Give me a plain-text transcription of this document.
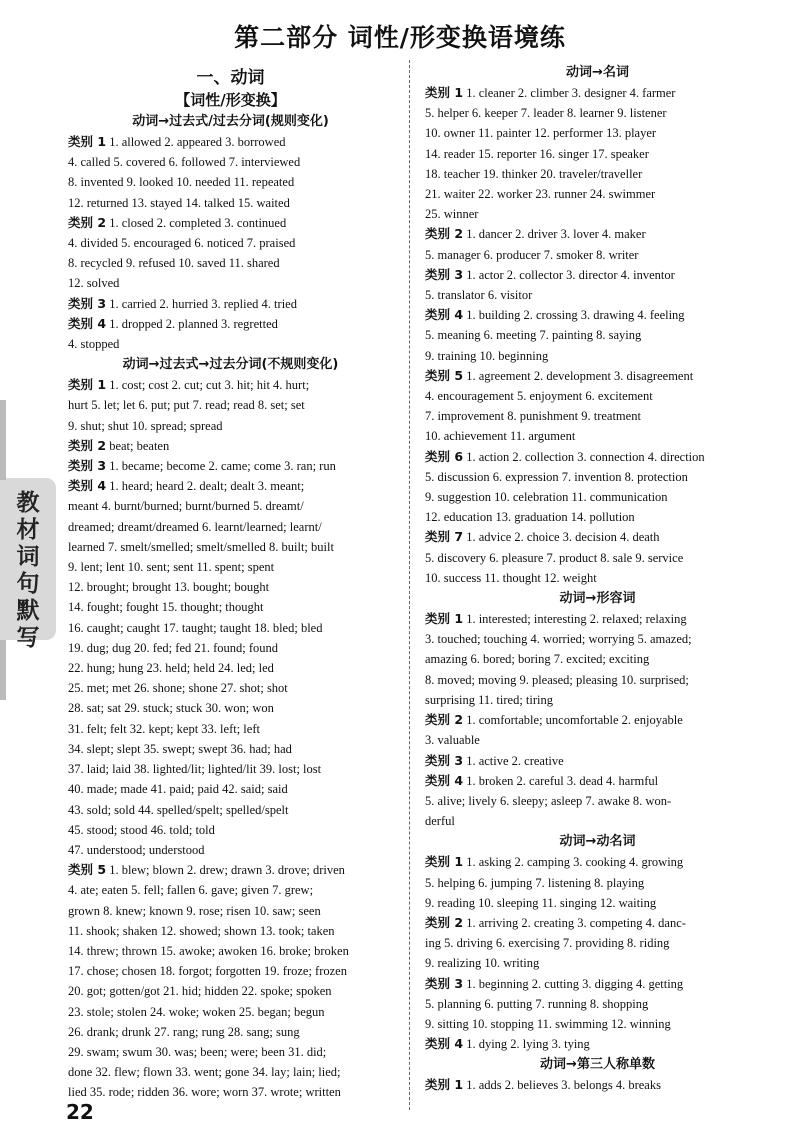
第二部分 词性/形变换语境练
教材词句默写
一、动词
【词性/形变换】
动词→过去式/过去分词(规则变化)
类别 1 1. allowed 2. appeared 3. borrowed
4. called 5. covered 6. followed 7. interviewed
8. invented 9. looked 10. needed 11. repeated
12. returned 13. stayed 14. talked 15. waited
类别 2 1. closed 2. completed 3. continued
4. divided 5. encouraged 6. noticed 7. praised
8. recycled 9. refused 10. saved 11. shared
12. solved
类别 3 1. carried 2. hurried 3. replied 4. tried
类别 4 1. dropped 2. planned 3. regretted
4. stopped
动词→过去式→过去分词(不规则变化)
类别 1 1. cost; cost 2. cut; cut 3. hit; hit 4. hurt;
hurt 5. let; let 6. put; put 7. read; read 8. set; set
9. shut; shut 10. spread; spread
类别 2 beat; beaten
类别 3 1. became; become 2. came; come 3. ran; run
类别 4 1. heard; heard 2. dealt; dealt 3. meant;
meant 4. burnt/burned; burnt/burned 5. dreamt/
dreamed; dreamt/dreamed 6. learnt/learned; learnt/
learned 7. smelt/smelled; smelt/smelled 8. built; built
9. lent; lent 10. sent; sent 11. spent; spent
12. brought; brought 13. bought; bought
14. fought; fought 15. thought; thought
16. caught; caught 17. taught; taught 18. bled; bled
19. dug; dug 20. fed; fed 21. found; found
22. hung; hung 23. held; held 24. led; led
25. met; met 26. shone; shone 27. shot; shot
28. sat; sat 29. stuck; stuck 30. won; won
31. felt; felt 32. kept; kept 33. left; left
34. slept; slept 35. swept; swept 36. had; had
37. laid; laid 38. lighted/lit; lighted/lit 39. lost; lost
40. made; made 41. paid; paid 42. said; said
43. sold; sold 44. spelled/spelt; spelled/spelt
45. stood; stood 46. told; told
47. understood; understood
类别 5 1. blew; blown 2. drew; drawn 3. drove; driven
4. ate; eaten 5. fell; fallen 6. gave; given 7. grew;
grown 8. knew; known 9. rose; risen 10. saw; seen
11. shook; shaken 12. showed; shown 13. took; taken
14. threw; thrown 15. awoke; awoken 16. broke; broken
17. chose; chosen 18. forgot; forgotten 19. froze; frozen
20. got; gotten/got 21. hid; hidden 22. spoke; spoken
23. stole; stolen 24. woke; woken 25. began; begun
26. drank; drunk 27. rang; rung 28. sang; sung
29. swam; swum 30. was; been; were; been 31. did;
done 32. flew; flown 33. went; gone 34. lay; lain; lied;
lied 35. rode; ridden 36. wore; worn 37. wrote; written
动词→名词
类别 1 1. cleaner 2. climber 3. designer 4. farmer
5. helper 6. keeper 7. leader 8. learner 9. listener
10. owner 11. painter 12. performer 13. player
14. reader 15. reporter 16. singer 17. speaker
18. teacher 19. thinker 20. traveler/traveller
21. waiter 22. worker 23. runner 24. swimmer
25. winner
类别 2 1. dancer 2. driver 3. lover 4. maker
5. manager 6. producer 7. smoker 8. writer
类别 3 1. actor 2. collector 3. director 4. inventor
5. translator 6. visitor
类别 4 1. building 2. crossing 3. drawing 4. feeling
5. meaning 6. meeting 7. painting 8. saying
9. training 10. beginning
类别 5 1. agreement 2. development 3. disagreement
4. encouragement 5. enjoyment 6. excitement
7. improvement 8. punishment 9. treatment
10. achievement 11. argument
类别 6 1. action 2. collection 3. connection 4. direction
5. discussion 6. expression 7. invention 8. protection
9. suggestion 10. celebration 11. communication
12. education 13. graduation 14. pollution
类别 7 1. advice 2. choice 3. decision 4. death
5. discovery 6. pleasure 7. product 8. sale 9. service
10. success 11. thought 12. weight
动词→形容词
类别 1 1. interested; interesting 2. relaxed; relaxing
3. touched; touching 4. worried; worrying 5. amazed;
amazing 6. bored; boring 7. excited; exciting
8. moved; moving 9. pleased; pleasing 10. surprised;
surprising 11. tired; tiring
类别 2 1. comfortable; uncomfortable 2. enjoyable
3. valuable
类别 3 1. active 2. creative
类别 4 1. broken 2. careful 3. dead 4. harmful
5. alive; lively 6. sleepy; asleep 7. awake 8. won-
derful
动词→动名词
类别 1 1. asking 2. camping 3. cooking 4. growing
5. helping 6. jumping 7. listening 8. playing
9. reading 10. sleeping 11. singing 12. waiting
类别 2 1. arriving 2. creating 3. competing 4. danc-
ing 5. driving 6. exercising 7. providing 8. riding
9. realizing 10. writing
类别 3 1. beginning 2. cutting 3. digging 4. getting
5. planning 6. putting 7. running 8. shopping
9. sitting 10. stopping 11. swimming 12. winning
类别 4 1. dying 2. lying 3. tying
动词→第三人称单数
类别 1 1. adds 2. believes 3. belongs 4. breaks
22
